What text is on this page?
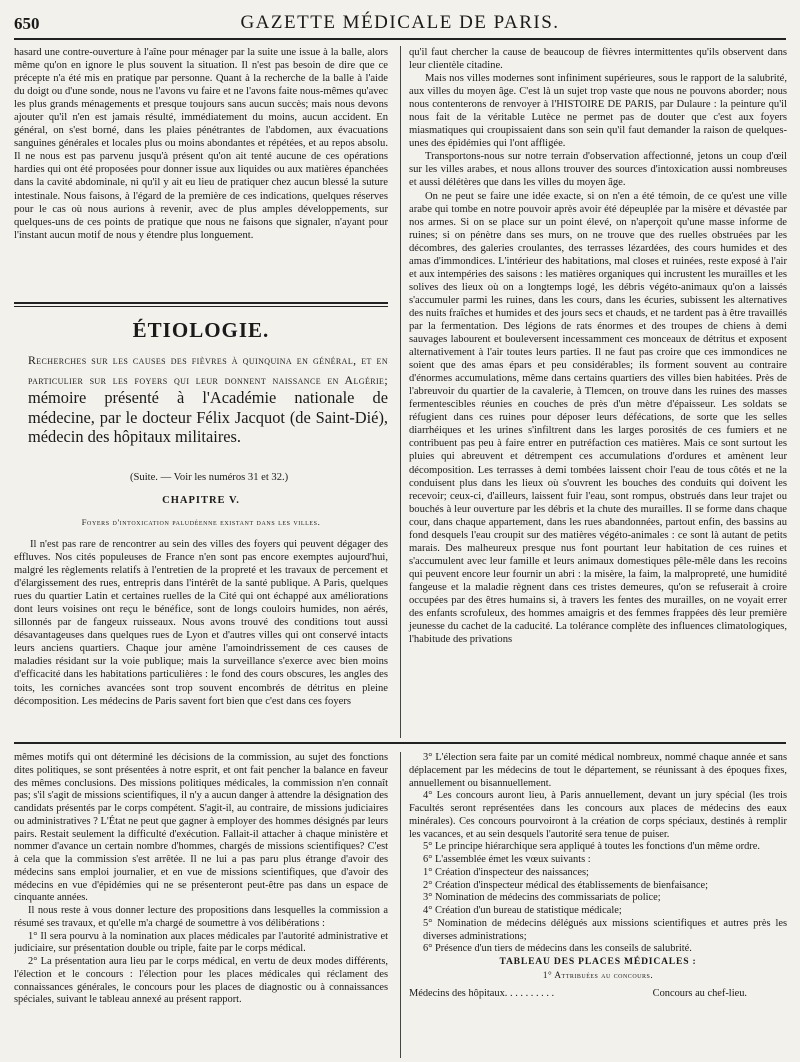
650	GAZETTE MÉDICALE DE PARIS.

hasard une contre-ouverture à l'aîne pour ménager par la suite une issue à la balle, alors même qu'on en ignore le plus souvent la situation. Il n'est pas besoin de dire que ce précepte n'a été mis en pratique par personne. Quant à la recherche de la balle à l'aide du doigt ou d'une sonde, nous ne l'avons vu faire et ne l'avons faite nous-mêmes qu'avec les plus grands ménagements et presque toujours sans aucun succès; mais nous devons ajouter qu'il n'en est jamais résulté, immédiatement du moins, aucun accident. En général, on s'est borné, dans les plaies pénétrantes de l'abdomen, aux évacuations sanguines générales et locales plus ou moins abondantes et répétées, et au repos absolu. Il ne nous est pas parvenu jusqu'à présent qu'on ait tenté aucune de ces opérations hardies qui ont été proposées pour donner issue aux liquides ou aux matières épanchées dans la cavité abdominale, ni qu'il y ait eu lieu de pratiquer chez aucun blessé la suture intestinale. Nous faisons, à l'égard de la première de ces indications, quelques réserves pour le cas où nous aurions à revenir, avec de plus amples développements, sur quelques-uns de ces points de pratique que nous ne faisons que signaler, n'ayant pour l'instant aucun motif de nous y étendre plus longuement.

ÉTIOLOGIE.
Recherches sur les causes des fièvres à quinquina en général, et en particulier sur les foyers qui leur donnent naissance en Algérie; mémoire présenté à l'Académie nationale de médecine, par le docteur Félix Jacquot (de Saint-Dié), médecin des hôpitaux militaires.
(Suite. — Voir les numéros 31 et 32.)
CHAPITRE V.
Foyers d'intoxication paludéenne existant dans les villes.

Il n'est pas rare de rencontrer au sein des villes des foyers qui peuvent dégager des effluves. Nos cités populeuses de France n'en sont pas encore exemptes aujourd'hui, malgré les règlements relatifs à l'entretien de la propreté et les travaux de percement et d'élargissement des rues, entrepris dans l'intérêt de la santé publique. A Paris, quelques rues du quartier Latin et certaines ruelles de la Cité qui ont échappé aux améliorations dont leurs voisines ont reçu le bénéfice, sont de longs couloirs humides, non aérés, sillonnés par de fangeux ruisseaux. Nous avons trouvé des conditions tout aussi désavantageuses dans quelques rues de Lyon et d'autres villes qui ont conservé intacts leurs anciens quartiers. Chaque jour amène l'amoindrissement de ces causes de maladies résidant sur la voie publique; mais la surveillance s'exerce avec bien moins d'efficacité dans les habitations particulières : le fond des cours obscures, les angles des toits, les corniches avancées sont trop souvent encombrés de détritus en pleine décomposition. Les médecins de Paris savent fort bien que c'est dans ces foyers

qu'il faut chercher la cause de beaucoup de fièvres intermittentes qu'ils observent dans leur clientèle citadine.

Mais nos villes modernes sont infiniment supérieures, sous le rapport de la salubrité, aux villes du moyen âge. C'est là un sujet trop vaste que nous ne pouvons aborder; nous nous contenterons de renvoyer à l'HISTOIRE DE PARIS, par Dulaure : la peinture qu'il nous fait de la véritable Lutèce ne permet pas de douter que c'est aux foyers miasmatiques qui croupissaient dans son sein qu'il faut demander la raison de quelques-unes des épidémies qui l'ont affligée.

Transportons-nous sur notre terrain d'observation affectionné, jetons un coup d'œil sur les villes arabes, et nous allons trouver des sources d'intoxication aussi nombreuses et aussi délétères que dans les villes du moyen âge.

On ne peut se faire une idée exacte, si on n'en a été témoin, de ce qu'est une ville arabe qui tombe en notre pouvoir après avoir été dépeuplée par la misère et dévastée par nos armes. Si on se place sur un point élevé, on n'aperçoit qu'une masse informe de ruines; si on pénètre dans ses murs, on ne trouve que des ruelles obstruées par les décombres, des galeries croulantes, des terrasses lézardées, des cours humides et des amas d'immondices. L'intérieur des habitations, mal closes et ruinées, reste exposé à l'air et aux intempéries des saisons : les matières organiques qui incrustent les murailles et les solives des lieux où on a longtemps logé, les débris végéto-animaux qu'on a laissés s'accumuler parmi les ruines, dans les cours, dans les écuries, subissent les alternatives des nuits fraîches et humides et des jours secs et chauds, et ne tardent pas à être travaillés par la fermentation. Des légions de rats énormes et des troupes de chiens à demi sauvages labourent et bouleversent incessamment ces monceaux de détritus et exposent alternativement à l'air toutes leurs parties. Il ne faut pas croire que ces immondices ne soient que des amas épars et peu considérables; ils forment souvent au contraire d'énormes accumulations, même dans certains quartiers des villes bien habitées. Près de l'abreuvoir du quartier de la cavalerie, à Tlemcen, on trouve dans les ruines des masses fermentescibles réunies en couches de près d'un mètre d'épaisseur. Les soldats se réfugient dans ces ruines pour déposer leurs défécations, de sorte que les selles diarrhéiques et les urines s'infiltrent dans les larges porosités de ces fumiers et ne contribuent pas peu à faire entrer en putréfaction ces matières. Mais ce sont surtout les pluies qui abreuvent et détrempent ces accumulations d'ordures et amènent leur décomposition. Les terrasses à demi tombées laissent choir l'eau de tous côtés et ne la conduisent plus dans les lieux où s'ouvrent les bouches des conduits qui doivent les recevoir; ceux-ci, d'ailleurs, laissent fuir l'eau, sont rompus, obstrués dans leur trajet ou bouchés à leur ouverture par les débris et la chute des murailles. Il se forme dans chaque cour, dans chaque appartement, dans les rues abandonnées, partout enfin, des bassins au fond desquels l'eau croupit sur des matières végéto-animales : ce sont là autant de petits marais. Des malheureux presque nus font pourtant leur habitation de ces ruines et s'accumulent avec leur famille et leurs animaux domestiques pêle-mêle dans les recoins qui peuvent encore leur fournir un abri : la misère, la faim, la malpropreté, une humidité fangeuse et la maladie règnent dans ces tristes demeures, qu'on se refuserait à croire occupées par des êtres humains si, à travers les fentes des murailles, on ne voyait errer des enfants scrofuleux, des hommes amaigris et des femmes frappées dès leur première jeunesse du cachet de la caducité. La tolérance complète des influences climatologiques, l'habitude des privations

mêmes motifs qui ont déterminé les décisions de la commission, au sujet des fonctions dites politiques, se sont présentées à notre esprit, et ont fait pencher la balance en faveur des mêmes conclusions. Des missions politiques médicales, la commission n'en connaît pas; s'il s'agit de missions scientifiques, il n'y a aucun danger à attendre la désignation des candidats présentés par le corps compétent. S'agit-il, au contraire, de missions judiciaires ou administratives ? L'État ne peut que gagner à employer des hommes désignés par leurs pairs. Restait seulement la difficulté d'exécution. Fallait-il attacher à chaque ministère et nommer d'avance un certain nombre d'hommes, chargés de missions scientifiques? C'est à cela que la commission s'est arrêtée. Il ne lui a pas paru plus étrange d'avoir des médecins sans emploi journalier, et en vue de missions scientifiques, que d'avoir des médecins en vue d'épidémies qui ne se présenteront peut-être pas dans un espace de cinquante années.

Il nous reste à vous donner lecture des propositions dans lesquelles la commission a résumé ses travaux, et qu'elle m'a chargé de soumettre à vos délibérations :

1° Il sera pourvu à la nomination aux places médicales par l'autorité administrative et judiciaire, sur présentation double ou triple, faite par le corps médical.

2° La présentation aura lieu par le corps médical, en vertu de deux modes différents, l'élection et le concours : l'élection pour les places médicales qui réclament des connaissances générales, le concours pour les places de diagnostic ou à connaissances spéciales, suivant le tableau annexé au présent rapport.

3° L'élection sera faite par un comité médical nombreux, nommé chaque année et sans déplacement par les médecins de tout le département, se réunissant à des époques fixes, annuellement ou bisannuellement.

4° Les concours auront lieu, à Paris annuellement, devant un jury spécial (les trois Facultés seront représentées dans les concours aux places de médecins des eaux minérales). Ces concours pourvoiront à la création de corps spéciaux, destinés à remplir les vacances, et au sein desquels l'autorité sera tenue de puiser.

5° Le principe hiérarchique sera appliqué à toutes les fonctions d'un même ordre.

6° L'assemblée émet les vœux suivants :

1° Création d'inspecteur des naissances;

2° Création d'inspecteur médical des établissements de bienfaisance;

3° Nomination de médecins des commissariats de police;

4° Création d'un bureau de statistique médicale;

5° Nomination de médecins délégués aux missions scientifiques et autres près les diverses administrations;

6° Présence d'un tiers de médecins dans les conseils de salubrité.

TABLEAU DES PLACES MÉDICALES :

1° Attribuées au concours.

Médecins des hôpitaux. . . . . . . . . .	Concours au chef-lieu.
